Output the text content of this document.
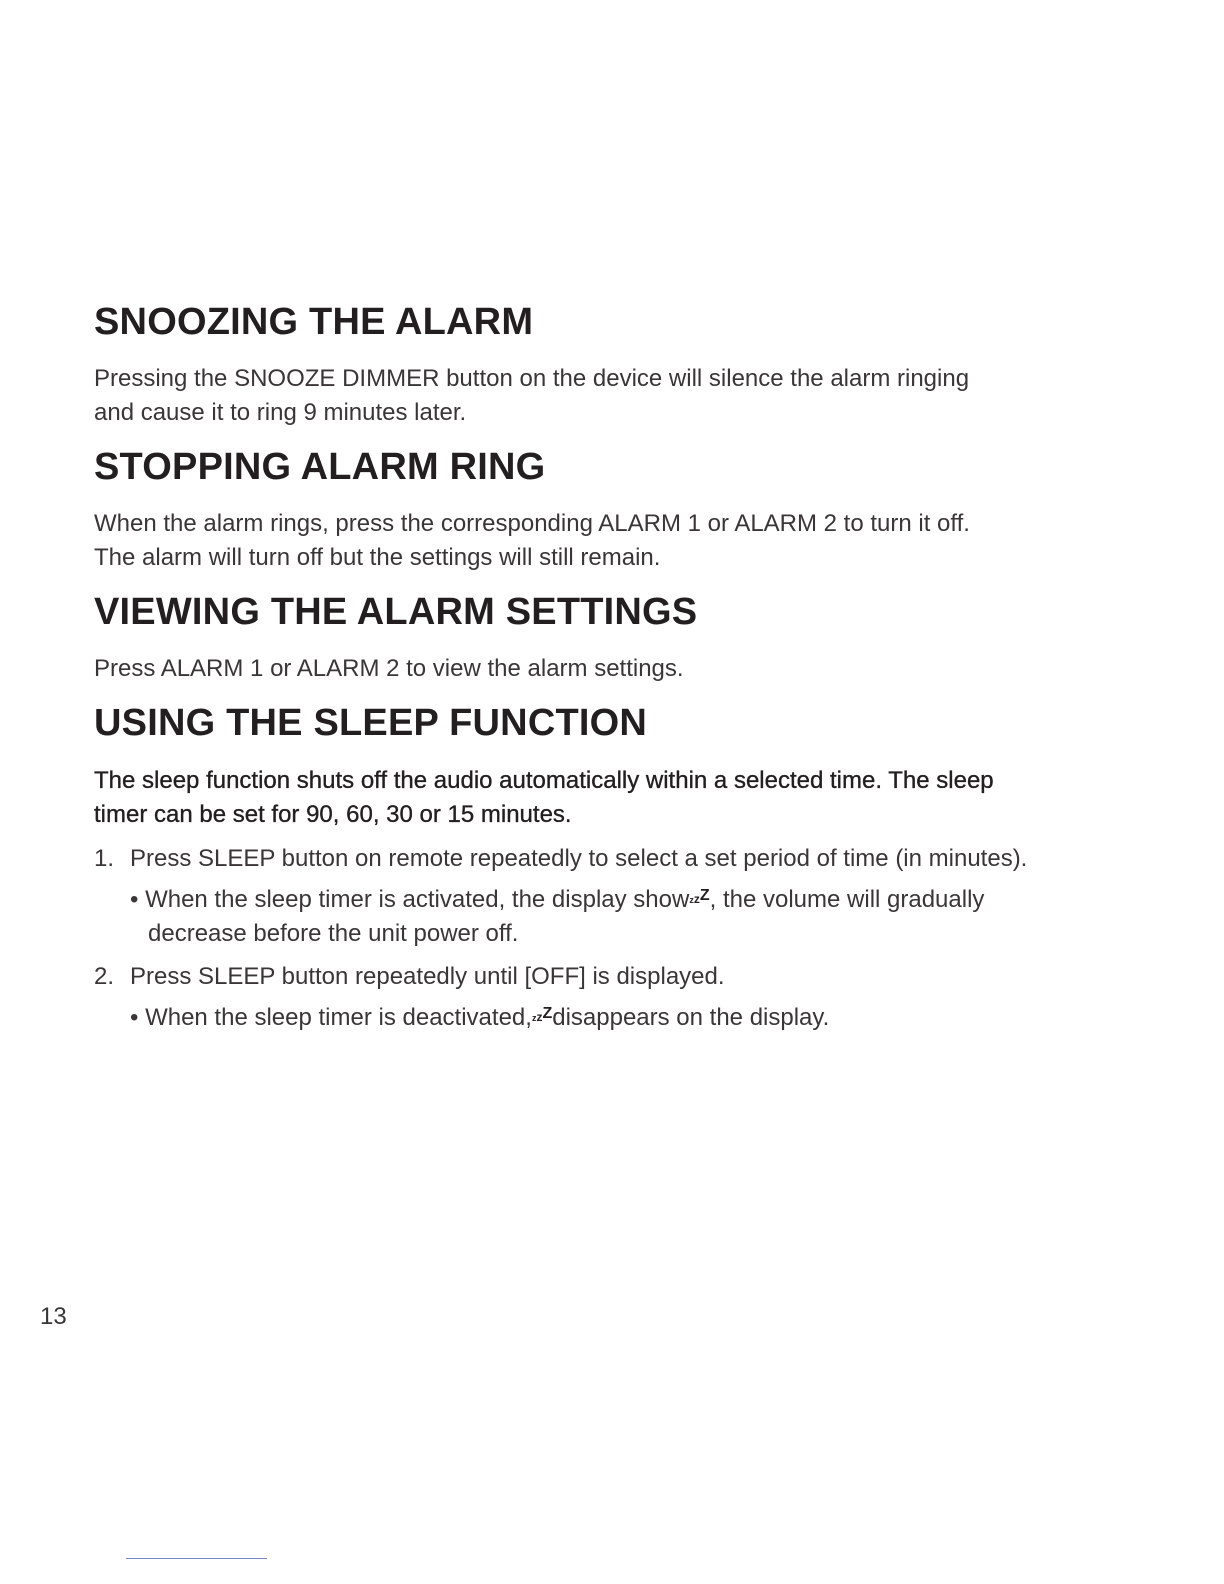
SNOOZING THE ALARM

Pressing the SNOOZE DIMMER button on the device will silence the alarm ringing
and cause it to ring 9 minutes later.

STOPPING ALARM RING

When the alarm rings, press the corresponding ALARM 1 or ALARM 2 to turn it off.
The alarm will turn off but the settings will still remain.

VIEWING THE ALARM SETTINGS

Press ALARM 1 or ALARM 2 to view the alarm settings.

USING THE SLEEP FUNCTION

The sleep function shuts off the audio automatically within a selected time. The sleep
timer can be set for 90, 60, 30 or 15 minutes.

1. Press SLEEP button on remote repeatedly to select a set period of time (in minutes).
• When the sleep timer is activated, the display showzzZ, the volume will gradually
decrease before the unit power off.
2. Press SLEEP button repeatedly until [OFF] is displayed.
• When the sleep timer is deactivated,zzZdisappears on the display.
13
